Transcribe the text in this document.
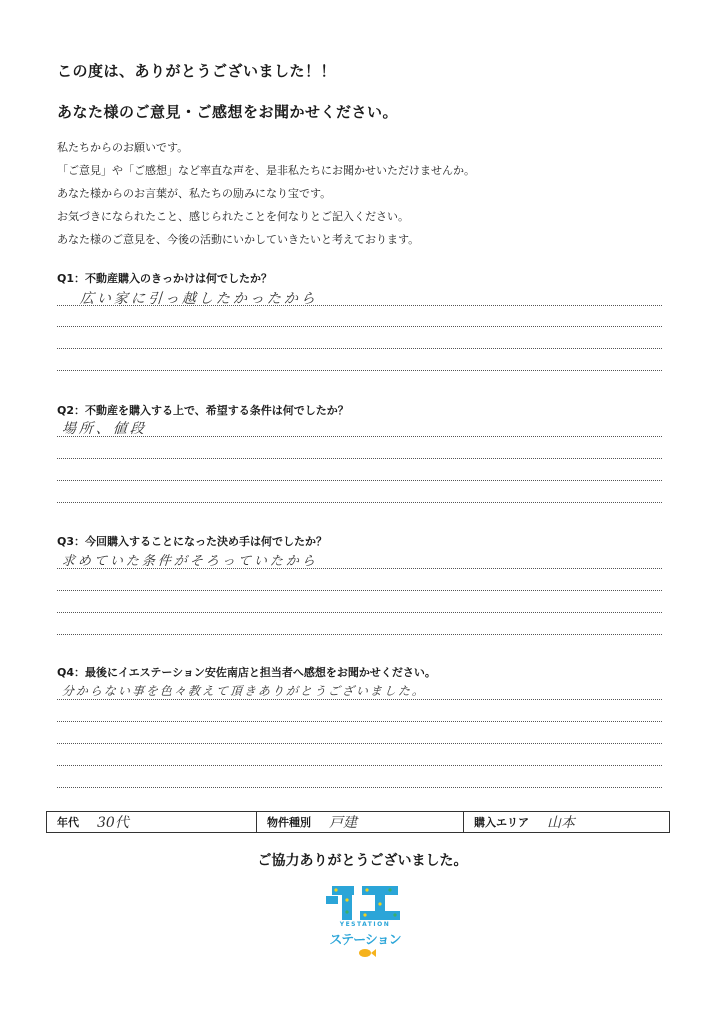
この度は、ありがとうございました！！
あなた様のご意見・ご感想をお聞かせください。
私たちからのお願いです。
「ご意見」や「ご感想」など率直な声を、是非私たちにお聞かせいただけませんか。
あなた様からのお言葉が、私たちの励みになり宝です。
お気づきになられたこと、感じられたことを何なりとご記入ください。
あなた様のご意見を、今後の活動にいかしていきたいと考えております。
Q1：不動産購入のきっかけは何でしたか？
広い家に引っ越したかったから
Q2：不動産を購入する上で、希望する条件は何でしたか？
場所、値段
Q3：今回購入することになった決め手は何でしたか？
求めていた条件がそろっていたから
Q4：最後にイエステーション安佐南店と担当者へ感想をお聞かせください。
分からない事を色々教えて頂きありがとうございました。
年代 30代	物件種別 戸建	購入エリア 山本
ご協力ありがとうございました。
YESTATION
ステーション
